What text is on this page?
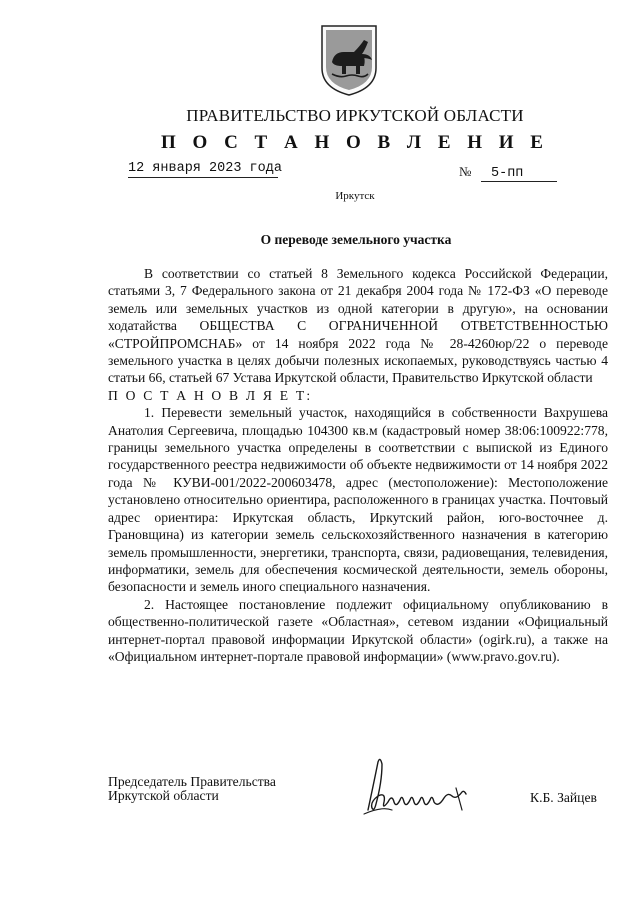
ПРАВИТЕЛЬСТВО ИРКУТСКОЙ ОБЛАСТИ
П О С Т А Н О В Л Е Н И Е
12 января 2023 года	№ 5-пп
Иркутск
О переводе земельного участка

В соответствии со статьей 8 Земельного кодекса Российской Федерации, статьями 3, 7 Федерального закона от 21 декабря 2004 года № 172-ФЗ «О переводе земель или земельных участков из одной категории в другую», на основании ходатайства ОБЩЕСТВА С ОГРАНИЧЕННОЙ ОТВЕТСТВЕННОСТЬЮ «СТРОЙПРОМСНАБ» от 14 ноября 2022 года № 28-4260юр/22 о переводе земельного участка в целях добычи полезных ископаемых, руководствуясь частью 4 статьи 66, статьей 67 Устава Иркутской области, Правительство Иркутской области

П О С Т А Н О В Л Я Е Т:

1. Перевести земельный участок, находящийся в собственности Вахрушева Анатолия Сергеевича, площадью 104300 кв.м (кадастровый номер 38:06:100922:778, границы земельного участка определены в соответствии с выпиской из Единого государственного реестра недвижимости об объекте недвижимости от 14 ноября 2022 года № КУВИ-001/2022-200603478, адрес (местоположение): Местоположение установлено относительно ориентира, расположенного в границах участка. Почтовый адрес ориентира: Иркутская область, Иркутский район, юго-восточнее д. Грановщина) из категории земель сельскохозяйственного назначения в категорию земель промышленности, энергетики, транспорта, связи, радиовещания, телевидения, информатики, земель для обеспечения космической деятельности, земель обороны, безопасности и земель иного специального назначения.

2. Настоящее постановление подлежит официальному опубликованию в общественно-политической газете «Областная», сетевом издании «Официальный интернет-портал правовой информации Иркутской области» (ogirk.ru), а также на «Официальном интернет-портале правовой информации» (www.pravo.gov.ru).

Председатель Правительства
Иркутской области	К.Б. Зайцев
